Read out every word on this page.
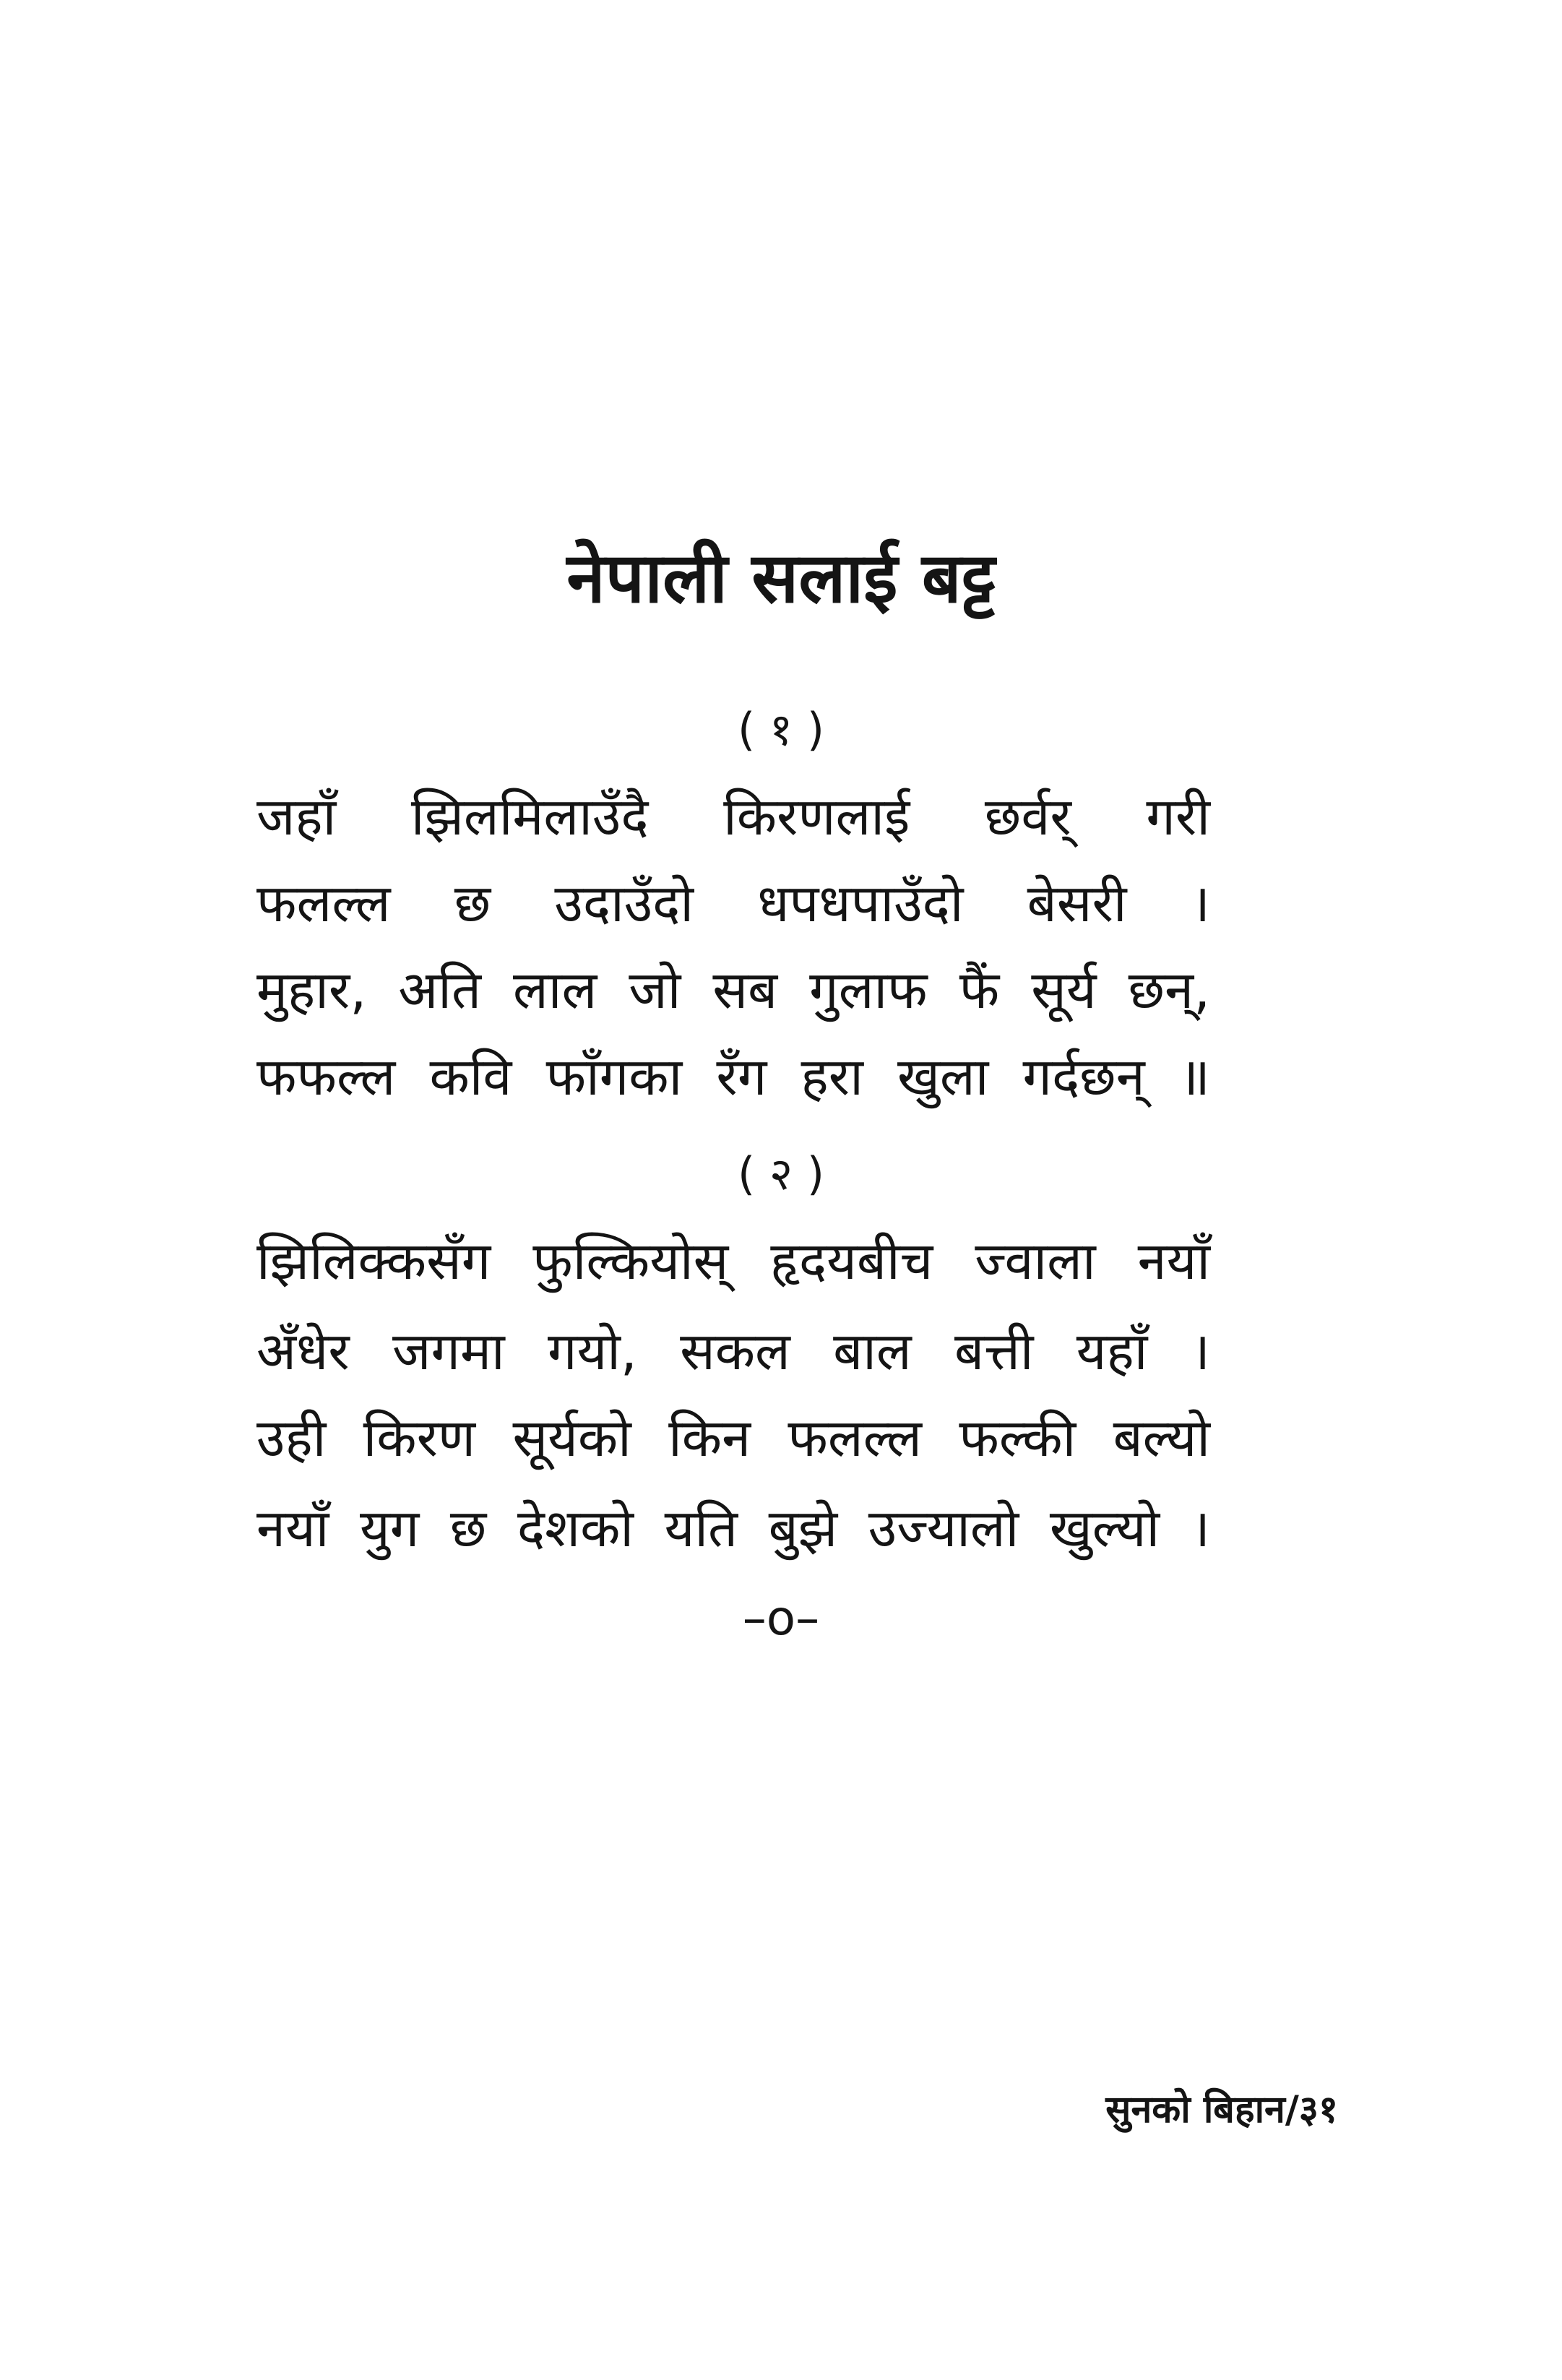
नेपाली सलाई बट्ट
( १ )
जहाँ झिलमिलाउँदै किरणलाई छर्वर् गरी
फलल्ल छ उदाउँदो धपधपाउँदो बेसरी ।
मुहार, अति लाल जो सब गुलाफ फैं सूर्य छन्,
फफल्ल कवि फाँगका रँग हरा खुला गर्दछन् ॥
( २ )
झिलिक्कसँग फुल्कियोस् हृदयबीच ज्वाला नयाँ
अँधेर जगमा गयो, सकल बाल बत्ती यहाँ ।
उही किरण सूर्यको किन फलल्ल फल्की बल्यो
नयाँ युग छ देशको यति बुझे उज्यालो खुल्यो ।
–o–
सुनको बिहान/३१
